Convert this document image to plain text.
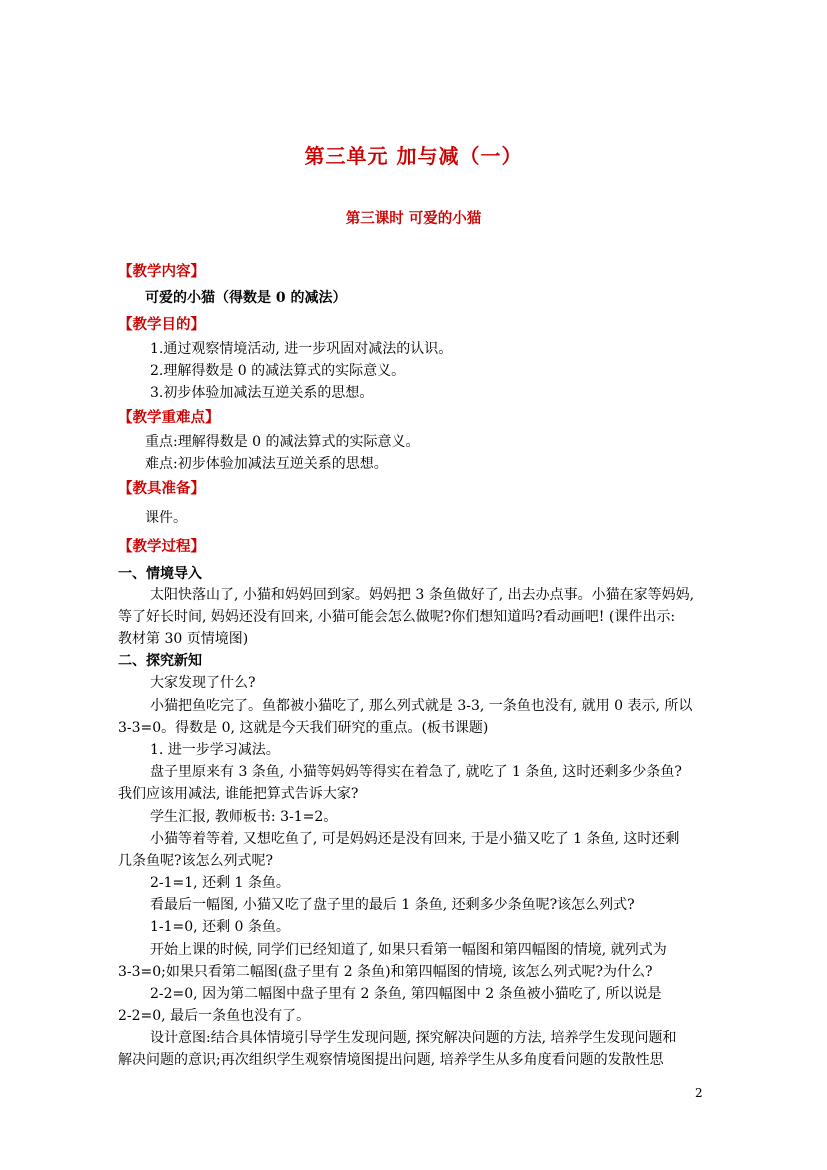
第三单元 加与减（一）
第三课时 可爱的小猫
【教学内容】
可爱的小猫（得数是 0 的减法）
【教学目的】
1.通过观察情境活动, 进一步巩固对减法的认识。
2.理解得数是 0 的减法算式的实际意义。
3.初步体验加减法互逆关系的思想。
【教学重难点】
重点:理解得数是 0 的减法算式的实际意义。
难点:初步体验加减法互逆关系的思想。
【教具准备】
课件。
【教学过程】
一、情境导入
太阳快落山了, 小猫和妈妈回到家。妈妈把 3 条鱼做好了, 出去办点事。小猫在家等妈妈,
等了好长时间, 妈妈还没有回来, 小猫可能会怎么做呢?你们想知道吗?看动画吧! (课件出示:
教材第 30 页情境图)
二、探究新知
大家发现了什么?
小猫把鱼吃完了。鱼都被小猫吃了, 那么列式就是 3-3, 一条鱼也没有, 就用 0 表示, 所以
3-3=0。得数是 0, 这就是今天我们研究的重点。(板书课题)
1. 进一步学习减法。
盘子里原来有 3 条鱼, 小猫等妈妈等得实在着急了, 就吃了 1 条鱼, 这时还剩多少条鱼?
我们应该用减法, 谁能把算式告诉大家?
学生汇报, 教师板书: 3-1=2。
小猫等着等着, 又想吃鱼了, 可是妈妈还是没有回来, 于是小猫又吃了 1 条鱼, 这时还剩
几条鱼呢?该怎么列式呢?
2-1=1, 还剩 1 条鱼。
看最后一幅图, 小猫又吃了盘子里的最后 1 条鱼, 还剩多少条鱼呢?该怎么列式?
1-1=0, 还剩 0 条鱼。
开始上课的时候, 同学们已经知道了, 如果只看第一幅图和第四幅图的情境, 就列式为
3-3=0;如果只看第二幅图(盘子里有 2 条鱼)和第四幅图的情境, 该怎么列式呢?为什么?
2-2=0, 因为第二幅图中盘子里有 2 条鱼, 第四幅图中 2 条鱼被小猫吃了, 所以说是
2-2=0, 最后一条鱼也没有了。
设计意图:结合具体情境引导学生发现问题, 探究解决问题的方法, 培养学生发现问题和
解决问题的意识;再次组织学生观察情境图提出问题, 培养学生从多角度看问题的发散性思
2
